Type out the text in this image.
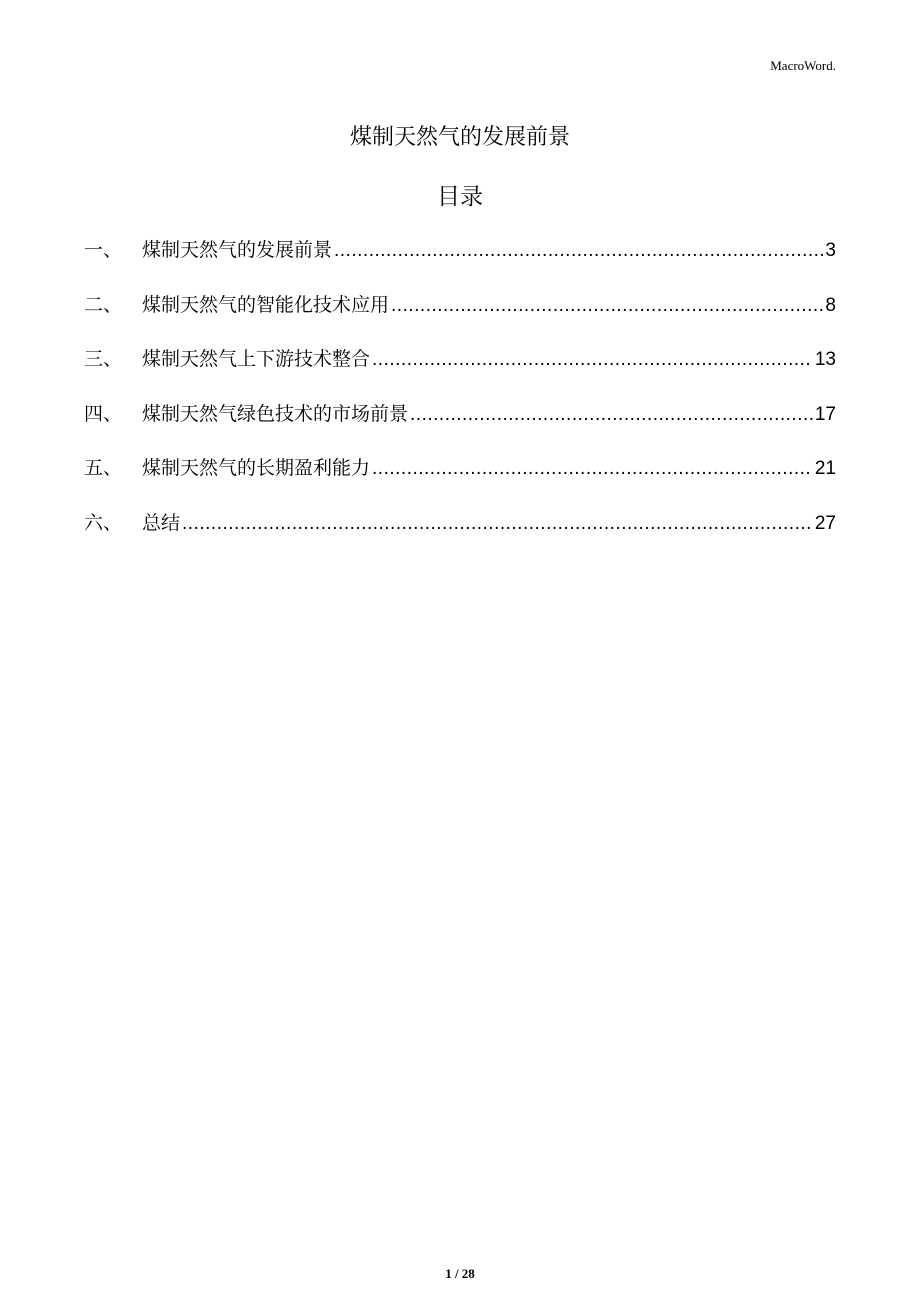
MacroWord.
煤制天然气的发展前景
目录
一、	煤制天然气的发展前景 .....	3
二、	煤制天然气的智能化技术应用 .....	8
三、	煤制天然气上下游技术整合 .....	13
四、	煤制天然气绿色技术的市场前景 .....	17
五、	煤制天然气的长期盈利能力 .....	21
六、	总结 .....	27
1 / 28
